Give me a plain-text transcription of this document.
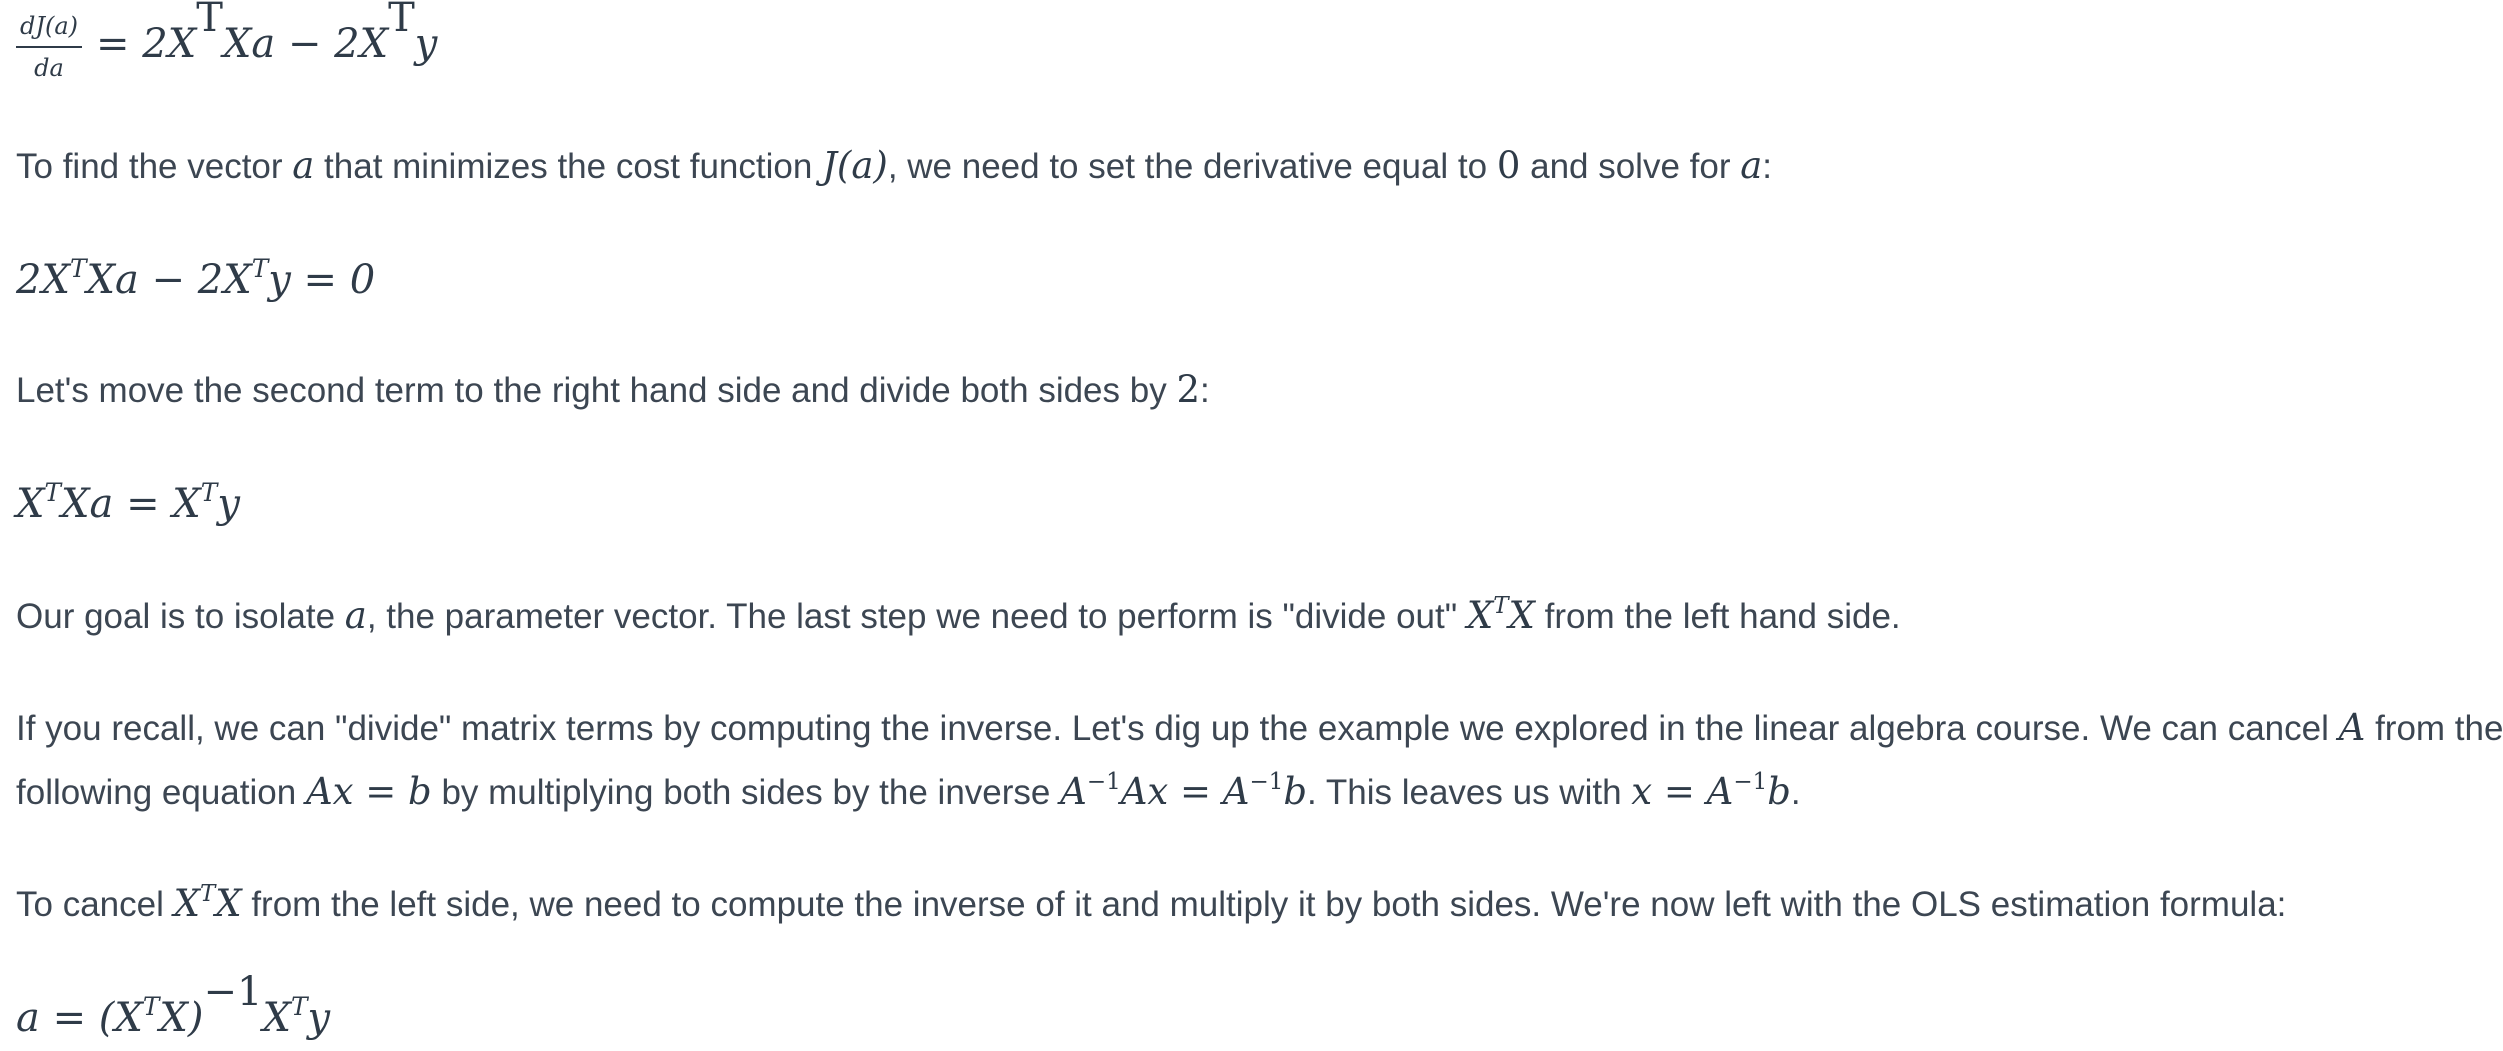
$\frac{dJ(a)}{da} = 2X^TXa - 2X^Ty$
To find the vector a that minimizes the cost function J(a), we need to set the derivative equal to 0 and solve for a:
$2X^TXa - 2X^Ty = 0$
Let's move the second term to the right hand side and divide both sides by 2:
$X^TXa = X^Ty$
Our goal is to isolate a, the parameter vector. The last step we need to perform is "divide out" $X^TX$ from the left hand side.
If you recall, we can "divide" matrix terms by computing the inverse. Let's dig up the example we explored in the linear algebra course. We can cancel A from the
following equation Ax = b by multiplying both sides by the inverse $A^{-1}Ax = A^{-1}b$. This leaves us with $x = A^{-1}b$.
To cancel $X^TX$ from the left side, we need to compute the inverse of it and multiply it by both sides. We're now left with the OLS estimation formula:
$a = (X^TX)^{-1}X^Ty$
